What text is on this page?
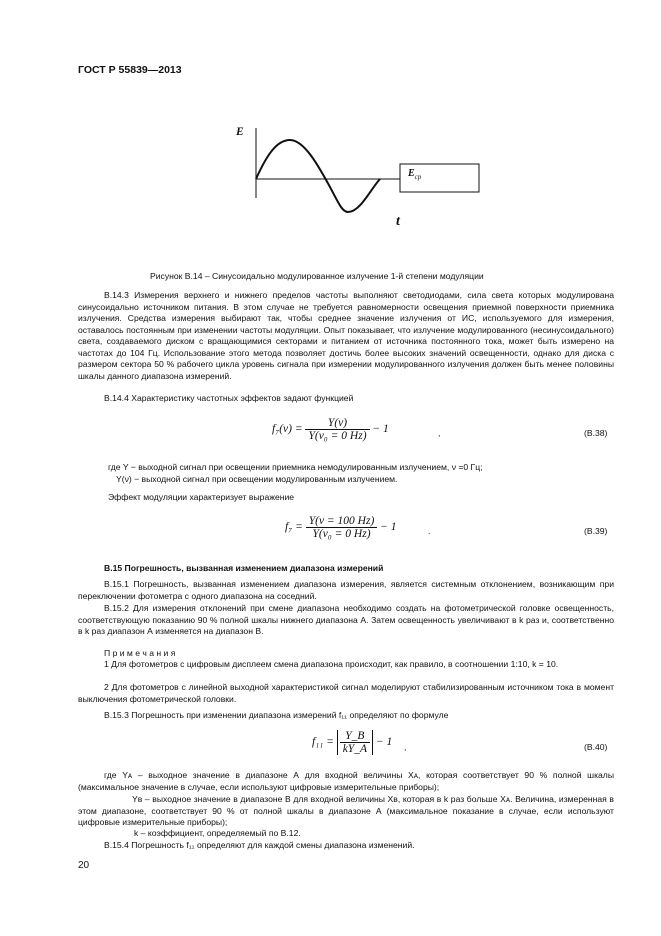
ГОСТ Р 55839—2013
E
t
$E_{ср}$
Рисунок В.14 – Синусоидально модулированное излучение 1-й степени модуляции
В.14.3 Измерения верхнего и нижнего пределов частоты выполняют светодиодами, сила света которых модулирована синусоидально источником питания. В этом случае не требуется равномерности освещения приемной поверхности приемника излучения. Средства измерения выбирают так, чтобы среднее значение излучения от ИС, используемого для измерения, оставалось постоянным при изменении частоты модуляции. Опыт показывает, что излучение модулированного (несинусоидального) света, создаваемого диском с вращающимися секторами и питанием от источника постоянного тока, может быть измерено на частотах до 104 Гц. Использование этого метода позволяет достичь более высоких значений освещенности, однако для диска с размером сектора 50 % рабочего цикла уровень сигнала при измерении модулированного излучения должен быть менее половины шкалы данного диапазона измерений.
В.14.4 Характеристику частотных эффектов задают функцией
$f_7(\nu) = \frac{Y(\nu)}{\text{Y(ν₀ = 0 Hz)}} - 1$	,	(В.38)
где Y − выходной сигнал при освещении приемника немодулированным излучением, ν =0 Гц;
Y(ν) − выходной сигнал при освещении модулированным излучением.
Эффект модуляции характеризует выражение
$f_7 = \frac{Y(\nu = 100 Hz)}{\text{Y(ν₀ = 0 Hz)}} - 1$	.	(В.39)
В.15 Погрешность, вызванная изменением диапазона измерений
В.15.1 Погрешность, вызванная изменением диапазона измерения, является системным отклонением, возникающим при переключении фотометра с одного диапазона на соседний.
В.15.2 Для измерения отклонений при смене диапазона необходимо создать на фотометрической головке освещенность, соответствующую показанию 90 % полной шкалы нижнего диапазона А. Затем освещенность увеличивают в k раз и, соответственно в k раз диапазон А изменяется на диапазон В.
П р и м е ч а н и я
1 Для фотометров с цифровым дисплеем смена диапазона происходит, как правило, в соотношении 1:10, k = 10.
2 Для фотометров с линейной выходной характеристикой сигнал моделируют стабилизированным источником тока в момент выключения фотометрической головки.
В.15.3 Погрешность при изменении диапазона измерений f₁₁ определяют по формуле
$f_{11} = \frac{Y\_B}{kY\_A} - 1$ ,	(В.40)
где Yᴀ – выходное значение в диапазоне А для входной величины Xᴀ, которая соответствует 90 % полной шкалы (максимальное значение в случае, если используют цифровые измерительные приборы);
Yв – выходное значение в диапазоне В для входной величины Xв, которая в k раз больше Xᴀ. Величина, измеренная в этом диапазоне, соответствует 90 % от полной шкалы в диапазоне А (максимальное показание в случае, если используют цифровые измерительные приборы);
k – коэффициент, определяемый по В.12.
В.15.4 Погрешность f₁₁ определяют для каждой смены диапазона изменений.
20
